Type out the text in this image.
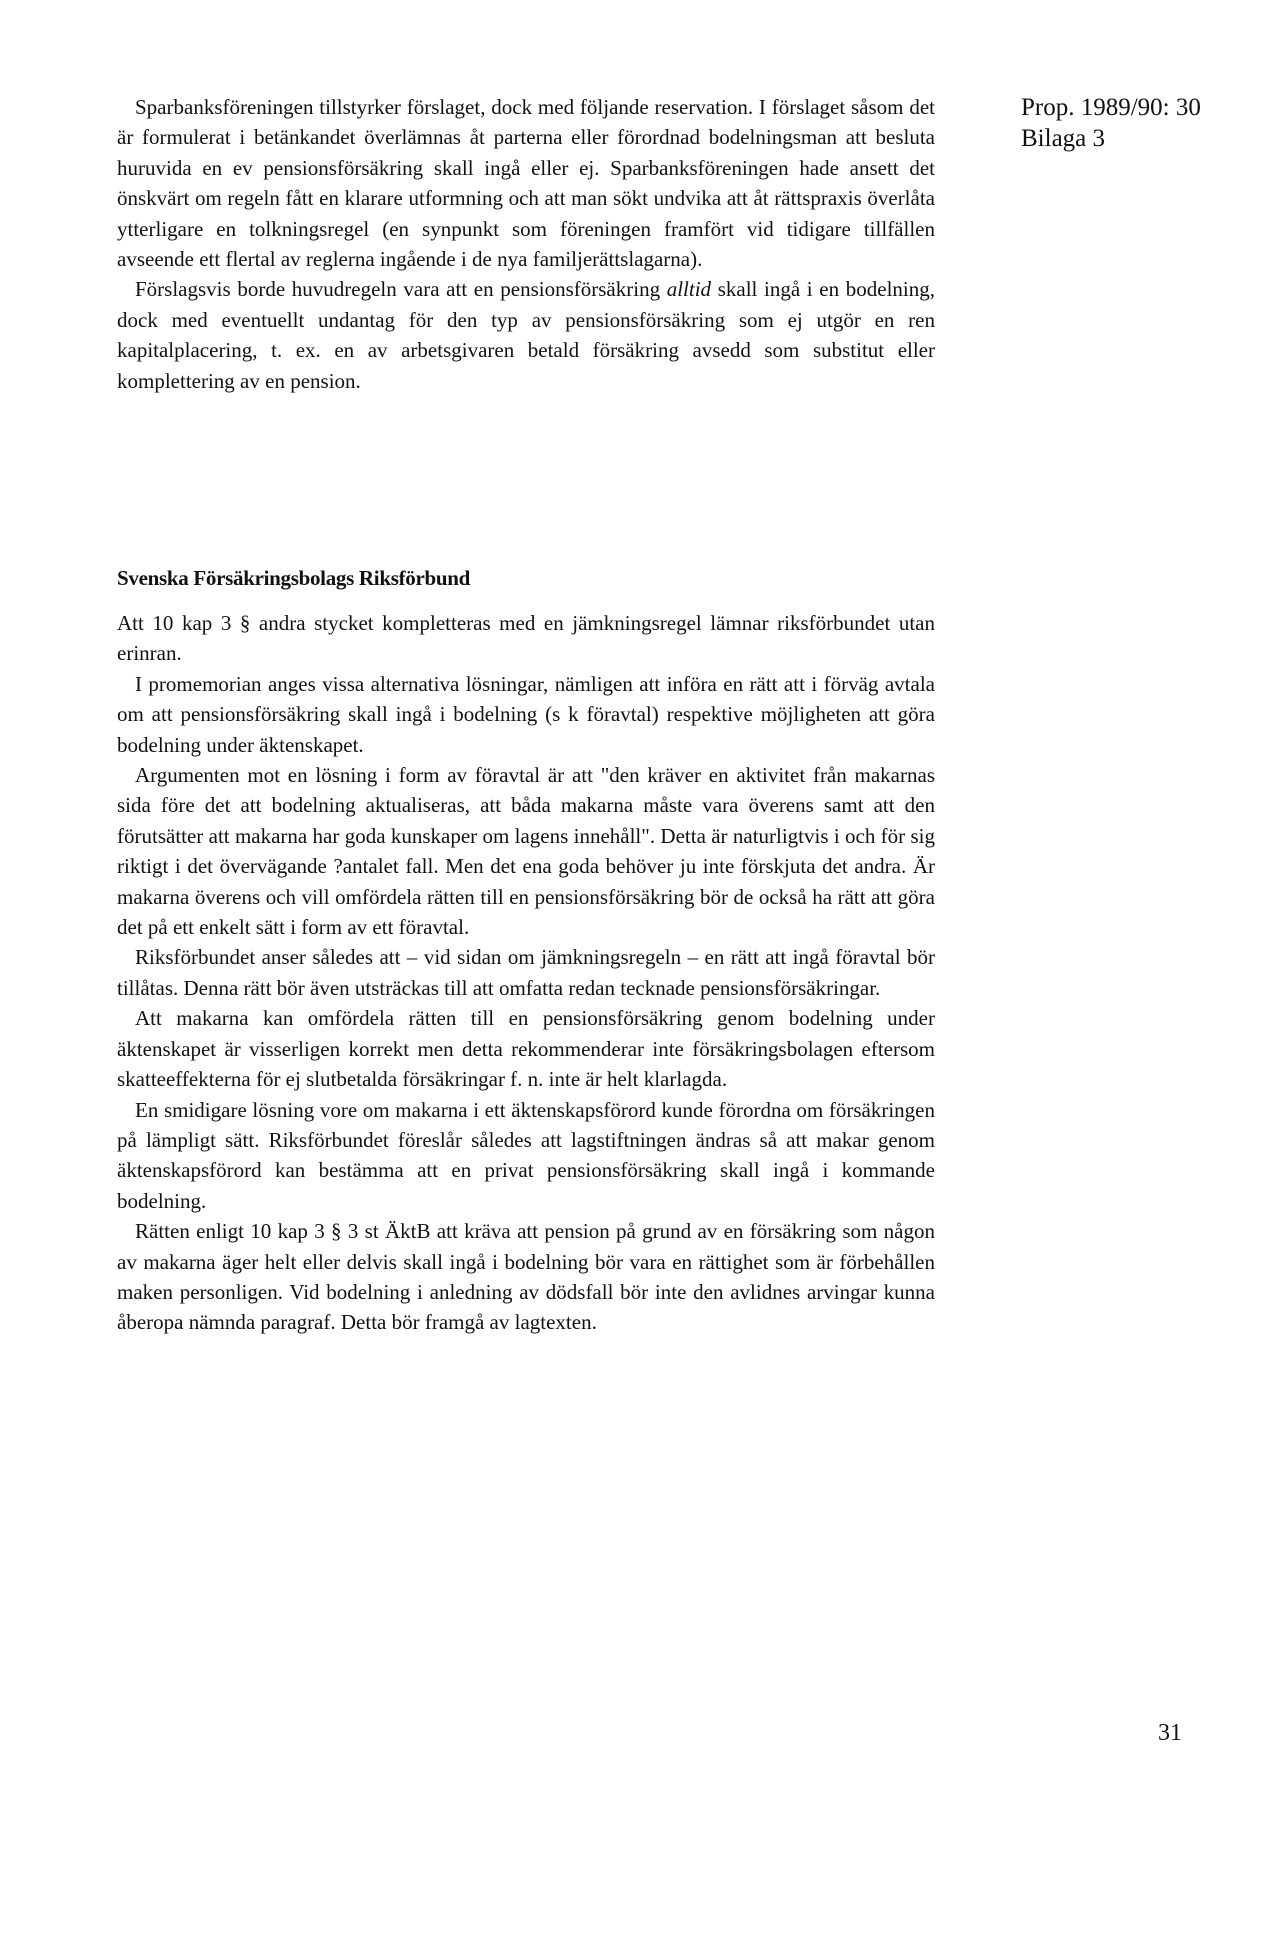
Prop. 1989/90: 30
Bilaga 3

Sparbanksföreningen tillstyrker förslaget, dock med följande reservation. I förslaget såsom det är formulerat i betänkandet överlämnas åt parterna eller förordnad bodelningsman att besluta huruvida en ev pensionsförsäkring skall ingå eller ej. Sparbanksföreningen hade ansett det önskvärt om regeln fått en klarare utformning och att man sökt undvika att åt rättspraxis överlåta ytterligare en tolkningsregel (en synpunkt som föreningen framfört vid tidigare tillfällen avseende ett flertal av reglerna ingående i de nya familjerättslagarna).

Förslagsvis borde huvudregeln vara att en pensionsförsäkring alltid skall ingå i en bodelning, dock med eventuellt undantag för den typ av pensionsförsäkring som ej utgör en ren kapitalplacering, t. ex. en av arbetsgivaren betald försäkring avsedd som substitut eller komplettering av en pension.

Svenska Försäkringsbolags Riksförbund

Att 10 kap 3 § andra stycket kompletteras med en jämkningsregel lämnar riksförbundet utan erinran.

I promemorian anges vissa alternativa lösningar, nämligen att införa en rätt att i förväg avtala om att pensionsförsäkring skall ingå i bodelning (s k föravtal) respektive möjligheten att göra bodelning under äktenskapet.

Argumenten mot en lösning i form av föravtal är att "den kräver en aktivitet från makarnas sida före det att bodelning aktualiseras, att båda makarna måste vara överens samt att den förutsätter att makarna har goda kunskaper om lagens innehåll". Detta är naturligtvis i och för sig riktigt i det övervägande ?antalet fall. Men det ena goda behöver ju inte förskjuta det andra. Är makarna överens och vill omfördela rätten till en pensionsförsäkring bör de också ha rätt att göra det på ett enkelt sätt i form av ett föravtal.

Riksförbundet anser således att – vid sidan om jämkningsregeln – en rätt att ingå föravtal bör tillåtas. Denna rätt bör även utsträckas till att omfatta redan tecknade pensionsförsäkringar.

Att makarna kan omfördela rätten till en pensionsförsäkring genom bodelning under äktenskapet är visserligen korrekt men detta rekommenderar inte försäkringsbolagen eftersom skatteeffekterna för ej slutbetalda försäkringar f. n. inte är helt klarlagda.

En smidigare lösning vore om makarna i ett äktenskapsförord kunde förordna om försäkringen på lämpligt sätt. Riksförbundet föreslår således att lagstiftningen ändras så att makar genom äktenskapsförord kan bestämma att en privat pensionsförsäkring skall ingå i kommande bodelning.

Rätten enligt 10 kap 3 § 3 st ÄktB att kräva att pension på grund av en försäkring som någon av makarna äger helt eller delvis skall ingå i bodelning bör vara en rättighet som är förbehållen maken personligen. Vid bodelning i anledning av dödsfall bör inte den avlidnes arvingar kunna åberopa nämnda paragraf. Detta bör framgå av lagtexten.

31
